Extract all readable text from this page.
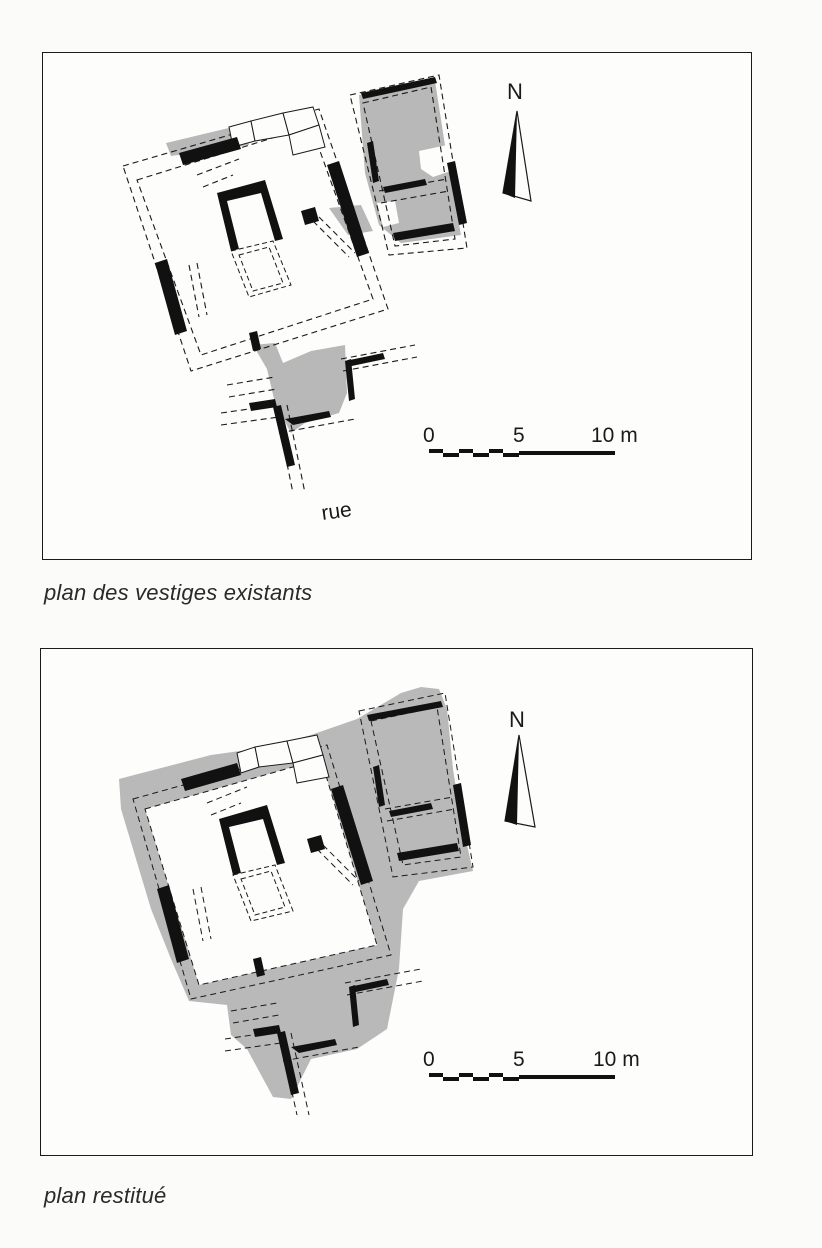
N
0	5	10 m
rue
plan des vestiges existants
N
0	5	10 m
plan restitué
